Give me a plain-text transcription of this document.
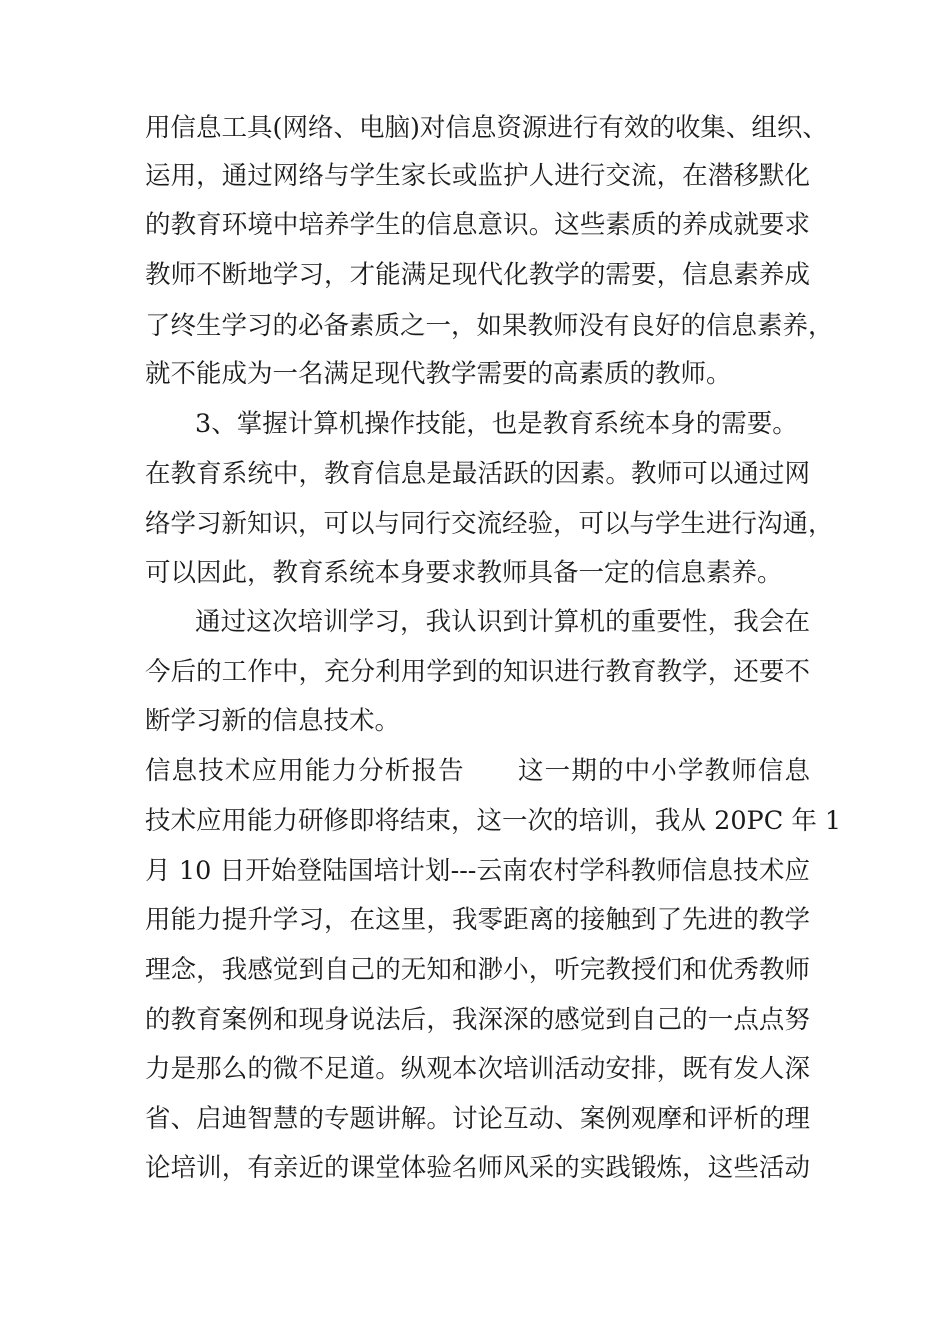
用信息工具(网络、电脑)对信息资源进行有效的收集、组织、
运用，通过网络与学生家长或监护人进行交流，在潜移默化
的教育环境中培养学生的信息意识。这些素质的养成就要求
教师不断地学习，才能满足现代化教学的需要，信息素养成
了终生学习的必备素质之一，如果教师没有良好的信息素养，
就不能成为一名满足现代教学需要的高素质的教师。
3、掌握计算机操作技能，也是教育系统本身的需要。
在教育系统中，教育信息是最活跃的因素。教师可以通过网
络学习新知识，可以与同行交流经验，可以与学生进行沟通，
可以因此，教育系统本身要求教师具备一定的信息素养。
通过这次培训学习，我认识到计算机的重要性，我会在
今后的工作中，充分利用学到的知识进行教育教学，还要不
断学习新的信息技术。
信息技术应用能力分析报告　　这一期的中小学教师信息
技术应用能力研修即将结束，这一次的培训，我从 20PC 年 1
月 10 日开始登陆国培计划---云南农村学科教师信息技术应
用能力提升学习，在这里，我零距离的接触到了先进的教学
理念，我感觉到自己的无知和渺小，听完教授们和优秀教师
的教育案例和现身说法后，我深深的感觉到自己的一点点努
力是那么的微不足道。纵观本次培训活动安排，既有发人深
省、启迪智慧的专题讲解。讨论互动、案例观摩和评析的理
论培训，有亲近的课堂体验名师风采的实践锻炼，这些活动
